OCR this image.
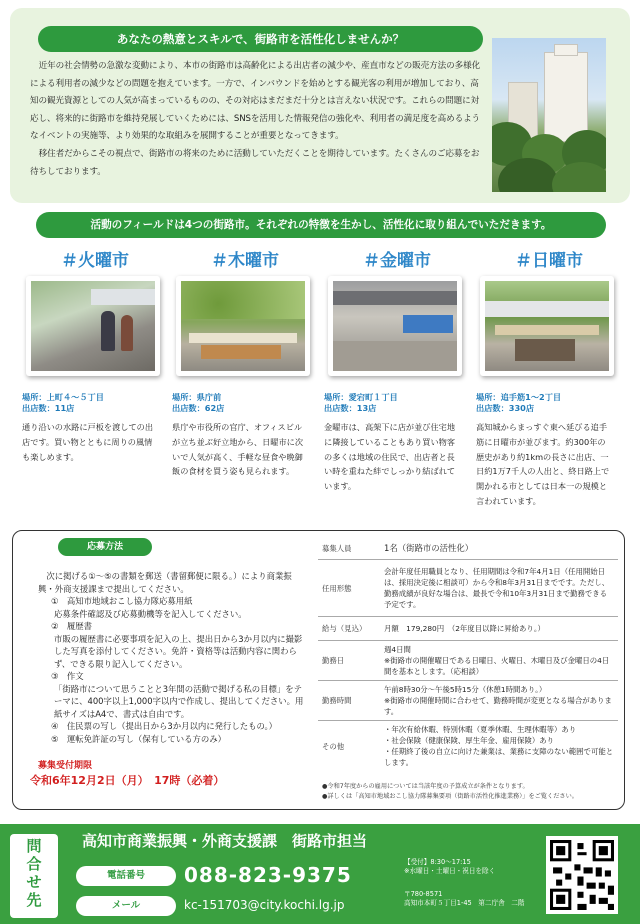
あなたの熱意とスキルで、街路市を活性化しませんか？

近年の社会情勢の急激な変動により、本市の街路市は高齢化による出店者の減少や、産直市などの販売方法の多様化による利用者の減少などの問題を抱えています。一方で、インバウンドを始めとする観光客の利用が増加しており、高知の観光資源としての人気が高まっているものの、その対応はまだまだ十分とは言えない状況です。これらの問題に対応し、将来的に街路市を維持発展していくためには、SNSを活用した情報発信の強化や、利用者の満足度を高めるようなイベントの実施等、より効果的な取組みを展開することが重要となってきます。

移住者だからこその視点で、街路市の将来のために活動していただくことを期待しています。たくさんのご応募をお待ちしております。

活動のフィールドは4つの街路市。それぞれの特徴を生かし、活性化に取り組んでいただきます。
＃火曜市
場所：上町４～５丁目
出店数：11店
通り沿いの水路に戸板を渡しての出店です。買い物とともに周りの風情も楽しめます。
＃木曜市
場所：県庁前
出店数：62店
県庁や市役所の官庁、オフィスビルが立ち並ぶ好立地から、日曜市に次いで人気が高く、手軽な昼食や晩御飯の食材を買う姿も見られます。
＃金曜市
場所：愛宕町１丁目
出店数：13店
金曜市は、高架下に店が並び住宅地に隣接していることもあり買い物客の多くは地域の住民で、出店者と長い時を重ねた絆でしっかり結ばれています。
＃日曜市
場所：追手筋1～2丁目
出店数：330店
高知城からまっすぐ東へ延びる追手筋に日曜市が並びます。約300年の歴史があり約1kmの長さに出店、一日約1万7千人の人出と、終日路上で開かれる市としては日本一の規模と言われています。
応募方法
次に掲げる①～⑤の書類を郵送（書留郵便に限る。）により商業振興・外商支援課まで提出してください。
①　高知市地域おこし協力隊応募用紙
応募条件確認及び応募動機等を記入してください。
②　履歴書
市販の履歴書に必要事項を記入の上、提出日から3か月以内に撮影した写真を添付してください。免許・資格等は活動内容に関わらず、できる限り記入してください。
③　作文
「街路市について思うことと3年間の活動で掲げる私の目標」をテーマに、400字以上1,000字以内で作成し、提出してください。用紙サイズはA4で、書式は自由です。
④　住民票の写し（提出日から3か月以内に発行したもの。）
⑤　運転免許証の写し（保有している方のみ）
募集受付期限
令和6年12月2日（月）　17時（必着）
募集人員	1名（街路市の活性化）
任用形態	会計年度任用職員となり、任用期間は令和7年4月1日（任用開始日は、採用決定後に相談可）から令和8年3月31日までです。ただし、勤務成績が良好な場合は、最長で令和10年3月31日まで勤務できる予定です。
給与（見込）	月額　179,280円　（2年度目以降に昇給あり。）
勤務日	週4日間
※街路市の開催曜日である日曜日、火曜日、木曜日及び金曜日の4日間を基本とします。（応相談）
勤務時間	午前8時30分～午後5時15分（休憩1時間あり。）
※街路市の開催時間に合わせて、勤務時間が変更となる場合があります。
その他	・年次有給休暇、特別休暇（夏季休暇、生理休暇等）あり
・社会保険（健康保険、厚生年金、雇用保険）あり
・任期終了後の自立に向けた兼業は、業務に支障のない範囲で可能とします。
●令和7年度からの雇用については当該年度の予算成立が条件となります。
●詳しくは「高知市地域おこし協力隊募集要項（街路市活性化推進業務）」をご覧ください。
問
合
せ
先
高知市商業振興・外商支援課　街路市担当
電話番号	088-823-9375
メール	kc-151703@city.kochi.lg.jp
【受付】8:30～17:15
※水曜日・土曜日・祝日を除く
〒780-8571
高知市本町５丁目1-45　第二庁舎　二階
